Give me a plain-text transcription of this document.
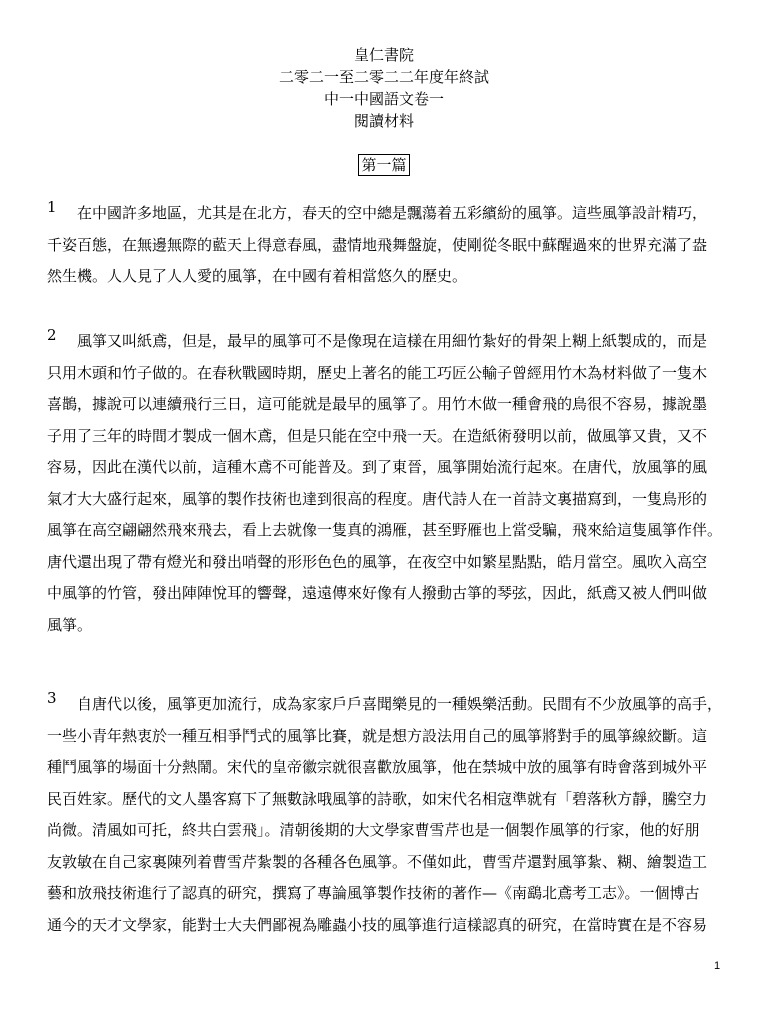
皇仁書院
二零二一至二零二二年度年終試
中一中國語文卷一
閱讀材料
第一篇
1	在中國許多地區，尤其是在北方，春天的空中總是飄蕩着五彩繽紛的風箏。這些風箏設計精巧，
千姿百態，在無邊無際的藍天上得意春風，盡情地飛舞盤旋，使剛從冬眠中蘇醒過來的世界充滿了盎
然生機。人人見了人人愛的風箏，在中國有着相當悠久的歷史。
2	風箏又叫紙鳶，但是，最早的風箏可不是像現在這樣在用細竹紮好的骨架上糊上紙製成的，而是
只用木頭和竹子做的。在春秋戰國時期，歷史上著名的能工巧匠公輸子曾經用竹木為材料做了一隻木
喜鵲，據說可以連續飛行三日，這可能就是最早的風箏了。用竹木做一種會飛的鳥很不容易，據說墨
子用了三年的時間才製成一個木鳶，但是只能在空中飛一天。在造紙術發明以前，做風箏又貴，又不
容易，因此在漢代以前，這種木鳶不可能普及。到了東晉，風箏開始流行起來。在唐代，放風箏的風
氣才大大盛行起來，風箏的製作技術也達到很高的程度。唐代詩人在一首詩文裏描寫到，一隻鳥形的
風箏在高空翩翩然飛來飛去，看上去就像一隻真的鴻雁，甚至野雁也上當受騙，飛來給這隻風箏作伴。
唐代還出現了帶有燈光和發出哨聲的形形色色的風箏，在夜空中如繁星點點，皓月當空。風吹入高空
中風箏的竹管，發出陣陣悅耳的響聲，遠遠傳來好像有人撥動古箏的琴弦，因此，紙鳶又被人們叫做
風箏。
3	自唐代以後，風箏更加流行，成為家家戶戶喜聞樂見的一種娛樂活動。民間有不少放風箏的高手，
一些小青年熱衷於一種互相爭鬥式的風箏比賽，就是想方設法用自己的風箏將對手的風箏線絞斷。這
種鬥風箏的場面十分熱鬧。宋代的皇帝徽宗就很喜歡放風箏，他在禁城中放的風箏有時會落到城外平
民百姓家。歷代的文人墨客寫下了無數詠哦風箏的詩歌，如宋代名相寇準就有「碧落秋方靜，騰空力
尚微。清風如可托，終共白雲飛」。清朝後期的大文學家曹雪芹也是一個製作風箏的行家，他的好朋
友敦敏在自己家裏陳列着曹雪芹紮製的各種各色風箏。不僅如此，曹雪芹還對風箏紮、糊、繪製造工
藝和放飛技術進行了認真的研究，撰寫了專論風箏製作技術的著作—《南鷂北鳶考工志》。一個博古
通今的天才文學家，能對士大夫們鄙視為雕蟲小技的風箏進行這樣認真的研究，在當時實在是不容易
1
